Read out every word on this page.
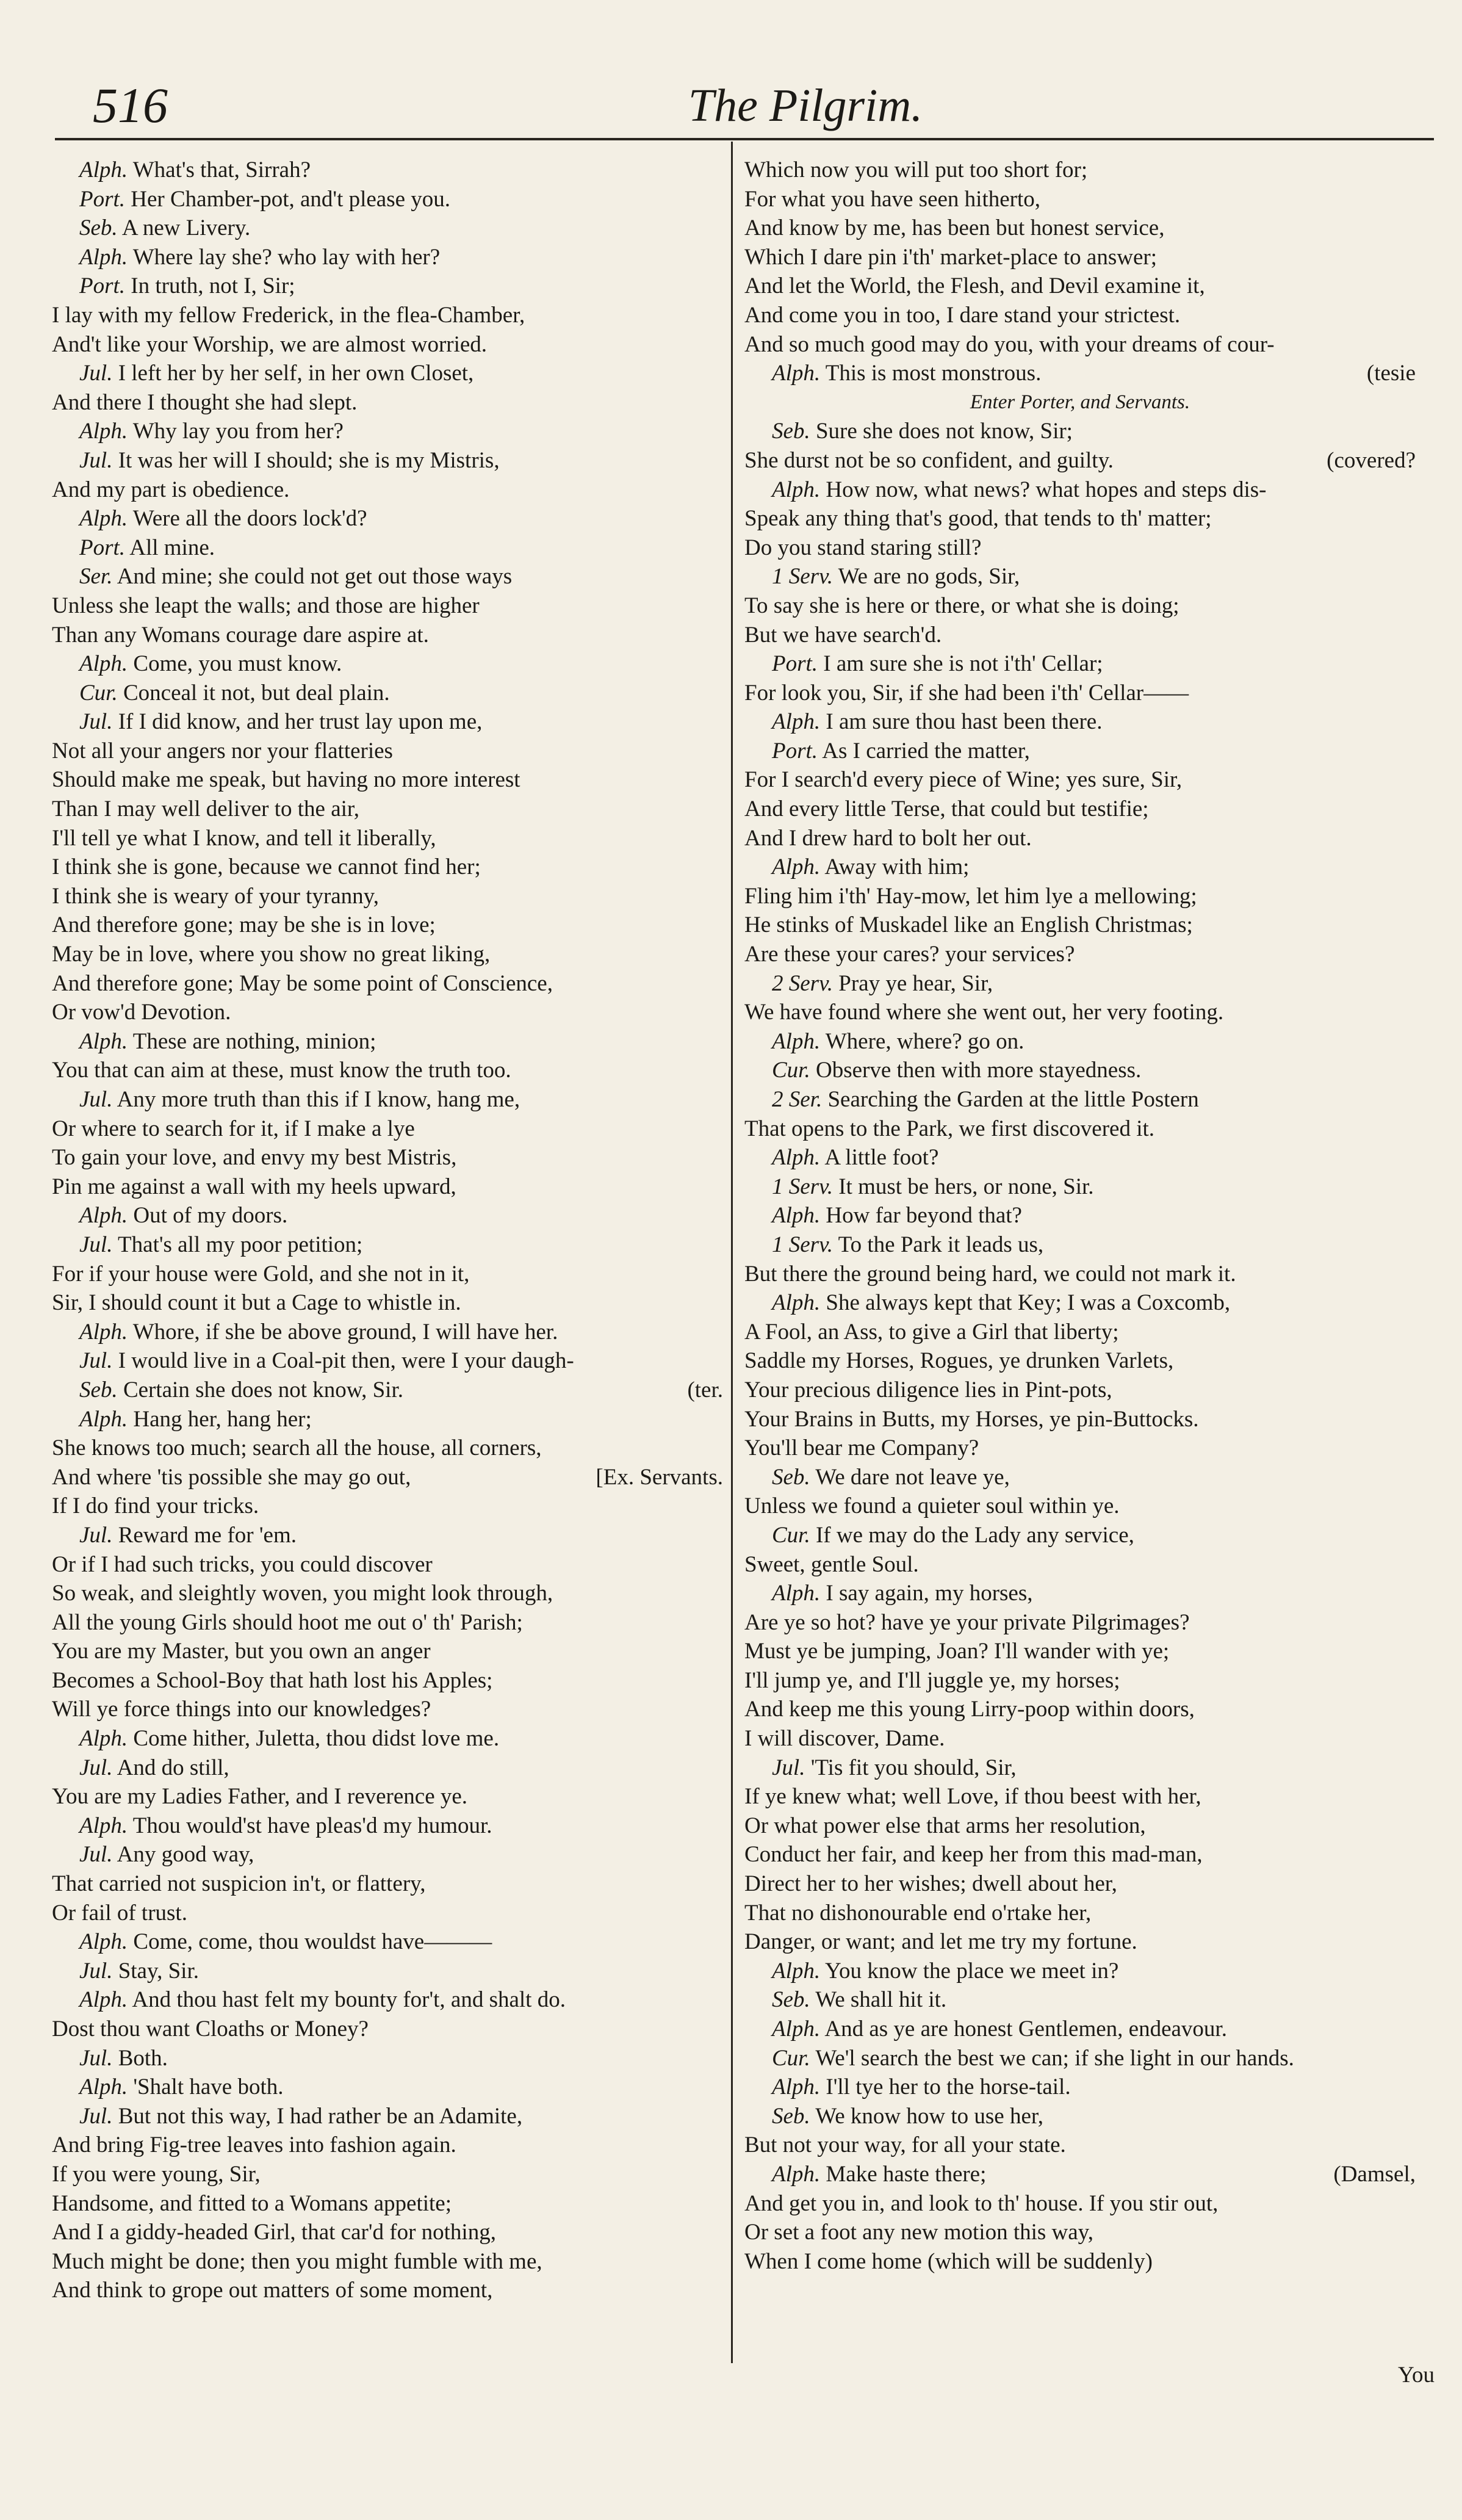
516	The Pilgrim.
Alph. What's that, Sirrah?
Port. Her Chamber-pot, and't please you.
Seb. A new Livery.
Alph. Where lay she? who lay with her?
Port. In truth, not I, Sir;
I lay with my fellow Frederick, in the flea-Chamber,
And't like your Worship, we are almost worried.
Jul. I left her by her self, in her own Closet,
And there I thought she had slept.
Alph. Why lay you from her?
Jul. It was her will I should; she is my Mistris,
And my part is obedience.
Alph. Were all the doors lock'd?
Port. All mine.
Ser. And mine; she could not get out those ways
Unless she leapt the walls; and those are higher
Than any Womans courage dare aspire at.
Alph. Come, you must know.
Cur. Conceal it not, but deal plain.
Jul. If I did know, and her trust lay upon me,
Not all your angers nor your flatteries
Should make me speak, but having no more interest
Than I may well deliver to the air,
I'll tell ye what I know, and tell it liberally,
I think she is gone, because we cannot find her;
I think she is weary of your tyranny,
And therefore gone; may be she is in love;
May be in love, where you show no great liking,
And therefore gone; May be some point of Conscience,
Or vow'd Devotion.
Alph. These are nothing, minion;
You that can aim at these, must know the truth too.
Jul. Any more truth than this if I know, hang me,
Or where to search for it, if I make a lye
To gain your love, and envy my best Mistris,
Pin me against a wall with my heels upward,
Alph. Out of my doors.
Jul. That's all my poor petition;
For if your house were Gold, and she not in it,
Sir, I should count it but a Cage to whistle in.
Alph. Whore, if she be above ground, I will have her.
Jul. I would live in a Coal-pit then, were I your daugh-
Seb. Certain she does not know, Sir.	(ter.
Alph. Hang her, hang her;
She knows too much; search all the house, all corners,
And where 'tis possible she may go out,	[Ex. Servants.
If I do find your tricks.
Jul. Reward me for 'em.
Or if I had such tricks, you could discover
So weak, and sleightly woven, you might look through,
All the young Girls should hoot me out o' th' Parish;
You are my Master, but you own an anger
Becomes a School-Boy that hath lost his Apples;
Will ye force things into our knowledges?
Alph. Come hither, Juletta, thou didst love me.
Jul. And do still,
You are my Ladies Father, and I reverence ye.
Alph. Thou would'st have pleas'd my humour.
Jul. Any good way,
That carried not suspicion in't, or flattery,
Or fail of trust.
Alph. Come, come, thou wouldst have———
Jul. Stay, Sir.
Alph. And thou hast felt my bounty for't, and shalt do.
Dost thou want Cloaths or Money?
Jul. Both.
Alph. 'Shalt have both.
Jul. But not this way, I had rather be an Adamite,
And bring Fig-tree leaves into fashion again.
If you were young, Sir,
Handsome, and fitted to a Womans appetite;
And I a giddy-headed Girl, that car'd for nothing,
Much might be done; then you might fumble with me,
And think to grope out matters of some moment,
Which now you will put too short for;
For what you have seen hitherto,
And know by me, has been but honest service,
Which I dare pin i'th' market-place to answer;
And let the World, the Flesh, and Devil examine it,
And come you in too, I dare stand your strictest.
And so much good may do you, with your dreams of cour-
Alph. This is most monstrous.	(tesie
Enter Porter, and Servants.
Seb. Sure she does not know, Sir;
She durst not be so confident, and guilty.	(covered?
Alph. How now, what news? what hopes and steps dis-
Speak any thing that's good, that tends to th' matter;
Do you stand staring still?
1 Serv. We are no gods, Sir,
To say she is here or there, or what she is doing;
But we have search'd.
Port. I am sure she is not i'th' Cellar;
For look you, Sir, if she had been i'th' Cellar——
Alph. I am sure thou hast been there.
Port. As I carried the matter,
For I search'd every piece of Wine; yes sure, Sir,
And every little Terse, that could but testifie;
And I drew hard to bolt her out.
Alph. Away with him;
Fling him i'th' Hay-mow, let him lye a mellowing;
He stinks of Muskadel like an English Christmas;
Are these your cares? your services?
2 Serv. Pray ye hear, Sir,
We have found where she went out, her very footing.
Alph. Where, where? go on.
Cur. Observe then with more stayedness.
2 Ser. Searching the Garden at the little Postern
That opens to the Park, we first discovered it.
Alph. A little foot?
1 Serv. It must be hers, or none, Sir.
Alph. How far beyond that?
1 Serv. To the Park it leads us,
But there the ground being hard, we could not mark it.
Alph. She always kept that Key; I was a Coxcomb,
A Fool, an Ass, to give a Girl that liberty;
Saddle my Horses, Rogues, ye drunken Varlets,
Your precious diligence lies in Pint-pots,
Your Brains in Butts, my Horses, ye pin-Buttocks.
You'll bear me Company?
Seb. We dare not leave ye,
Unless we found a quieter soul within ye.
Cur. If we may do the Lady any service,
Sweet, gentle Soul.
Alph. I say again, my horses,
Are ye so hot? have ye your private Pilgrimages?
Must ye be jumping, Joan? I'll wander with ye;
I'll jump ye, and I'll juggle ye, my horses;
And keep me this young Lirry-poop within doors,
I will discover, Dame.
Jul. 'Tis fit you should, Sir,
If ye knew what; well Love, if thou beest with her,
Or what power else that arms her resolution,
Conduct her fair, and keep her from this mad-man,
Direct her to her wishes; dwell about her,
That no dishonourable end o'rtake her,
Danger, or want; and let me try my fortune.
Alph. You know the place we meet in?
Seb. We shall hit it.
Alph. And as ye are honest Gentlemen, endeavour.
Cur. We'l search the best we can; if she light in our hands.
Alph. I'll tye her to the horse-tail.
Seb. We know how to use her,
But not your way, for all your state.
Alph. Make haste there;	(Damsel,
And get you in, and look to th' house. If you stir out,
Or set a foot any new motion this way,
When I come home (which will be suddenly)
You
